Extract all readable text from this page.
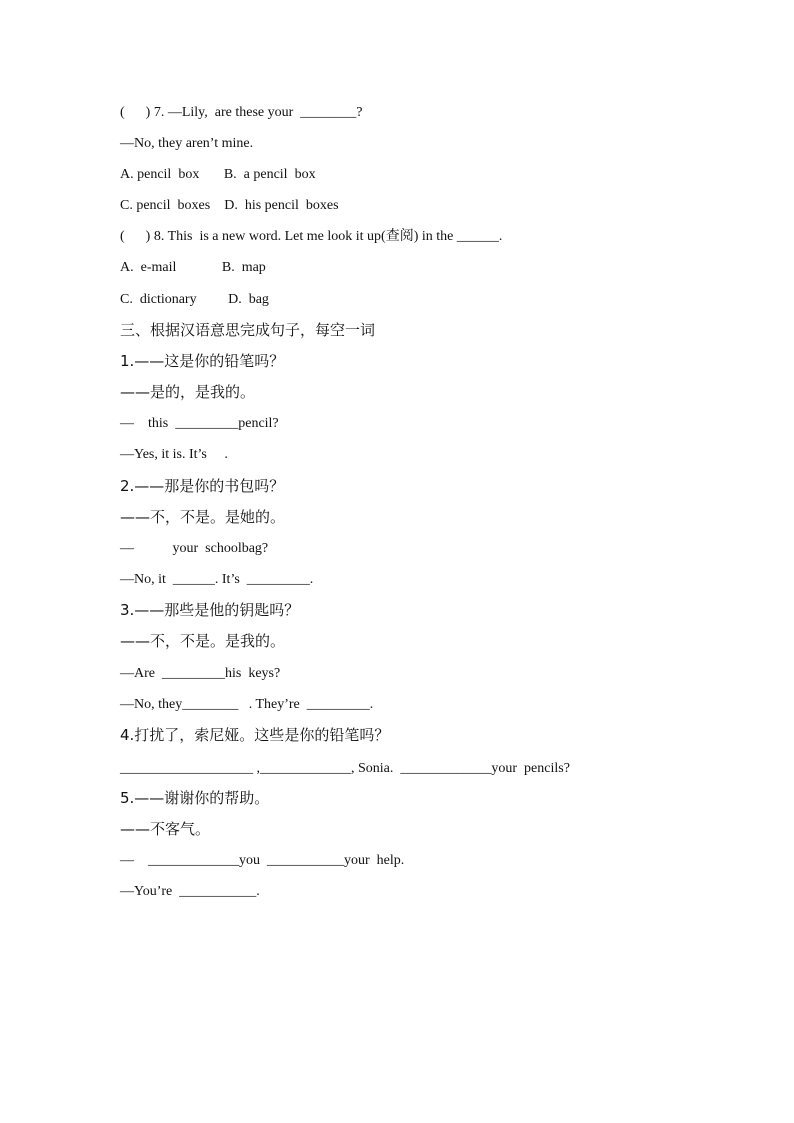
(      ) 7. —Lily,  are these your  ________?
—No, they aren’t mine.
A. pencil  box       B.  a pencil  box
C. pencil  boxes    D.  his pencil  boxes
(      ) 8. This  is a new word. Let me look it up(查阅) in the ______.
A.  e-mail             B.  map
C.  dictionary         D.  bag
三、根据汉语意思完成句子，每空一词
1.——这是你的铅笔吗？
——是的，是我的。
—    this  _________pencil?
—Yes, it is. It’s     .
2.——那是你的书包吗？
——不，不是。是她的。
—           your  schoolbag?
—No, it  ______. It’s  _________.
3.——那些是他的钥匙吗？
——不，不是。是我的。
—Are  _________his  keys?
—No, they________   . They’re  _________.
4.打扰了，索尼娅。这些是你的铅笔吗？
___________________ ,_____________, Sonia.  _____________your  pencils?
5.——谢谢你的帮助。
——不客气。
—    _____________you  ___________your  help.
—You’re  ___________.
